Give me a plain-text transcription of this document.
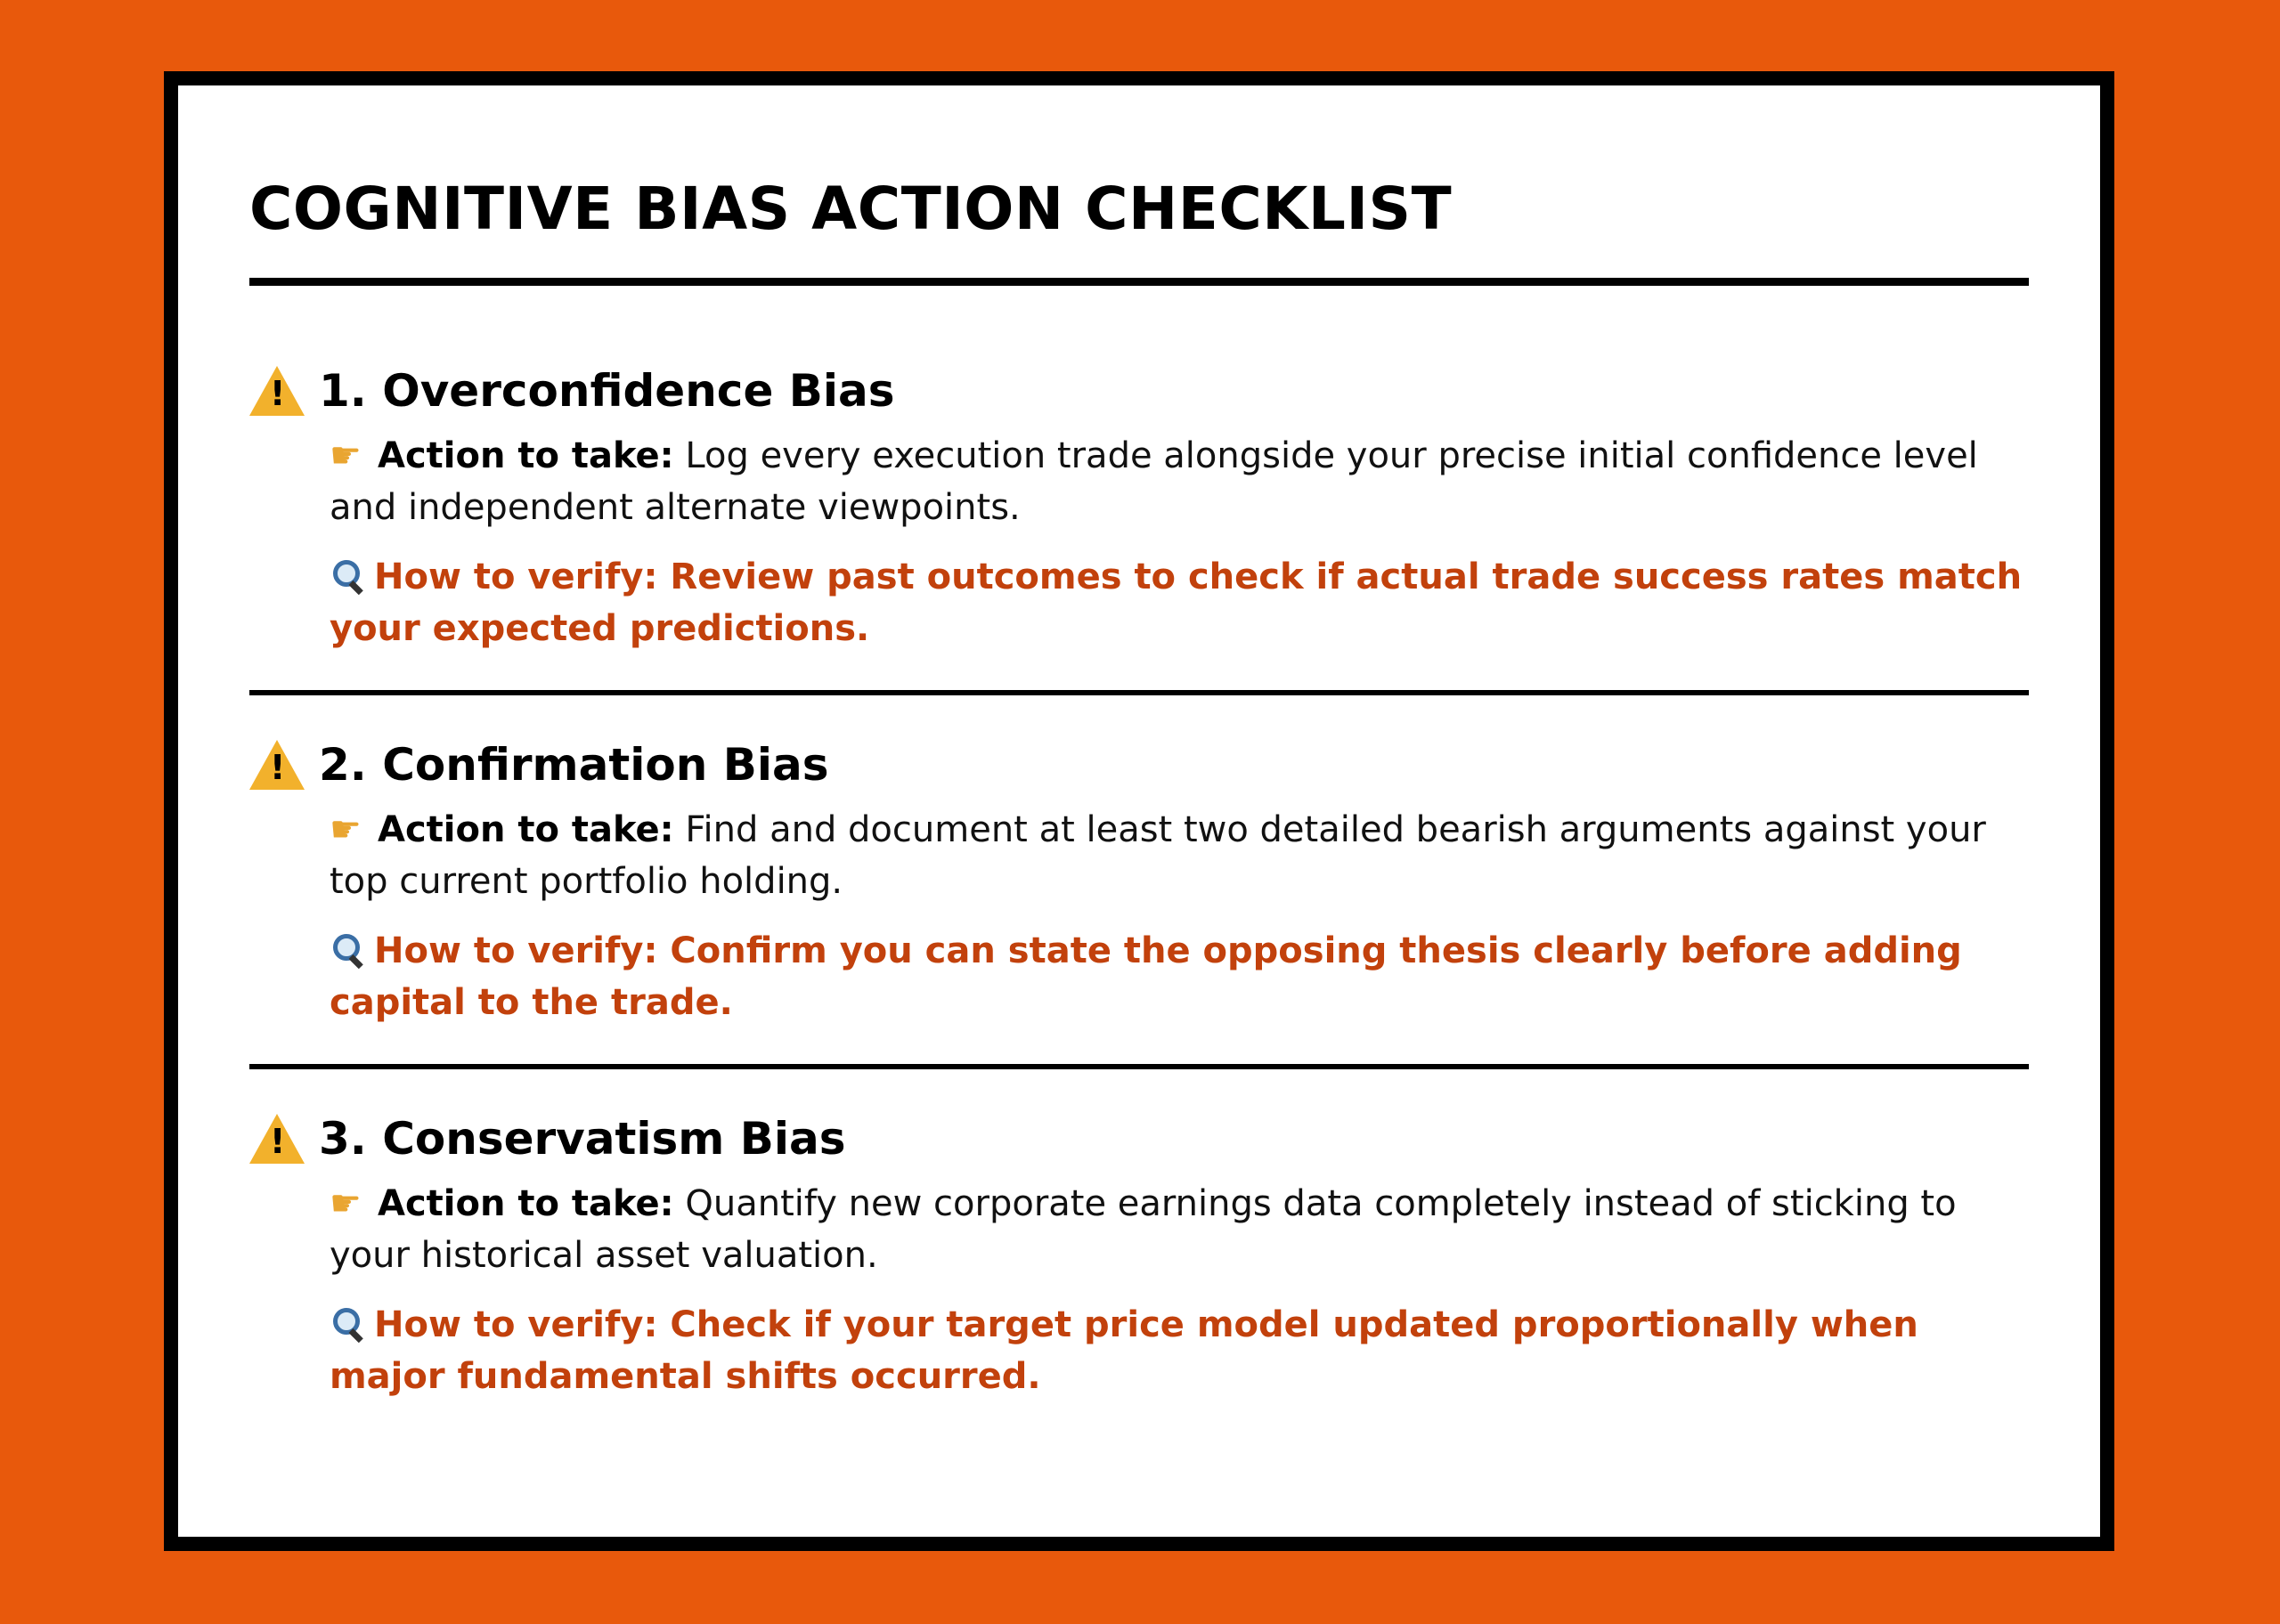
COGNITIVE BIAS ACTION CHECKLIST
!
1. Overconfidence Bias
☛ Action to take: Log every execution trade alongside your precise initial confidence level and independent alternate viewpoints.
How to verify: Review past outcomes to check if actual trade success rates match your expected predictions.
!
2. Confirmation Bias
☛ Action to take: Find and document at least two detailed bearish arguments against your top current portfolio holding.
How to verify: Confirm you can state the opposing thesis clearly before adding capital to the trade.
!
3. Conservatism Bias
☛ Action to take: Quantify new corporate earnings data completely instead of sticking to your historical asset valuation.
How to verify: Check if your target price model updated proportionally when major fundamental shifts occurred.
